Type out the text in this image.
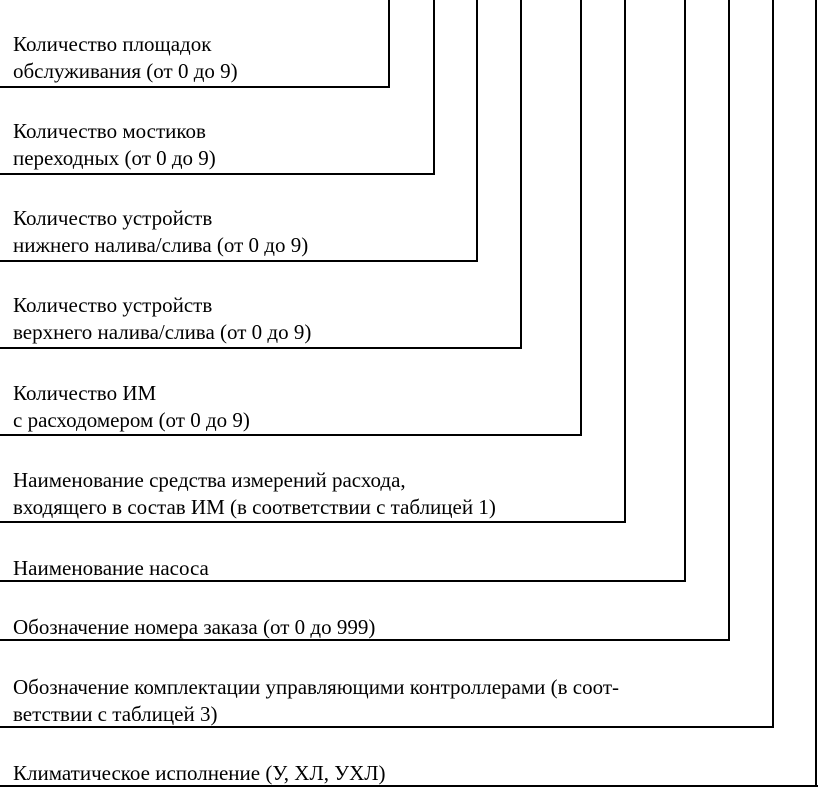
Количество площадок
обслуживания (от 0 до 9)
Количество мостиков
переходных (от 0 до 9)
Количество устройств
нижнего налива/слива (от 0 до 9)
Количество устройств
верхнего налива/слива (от 0 до 9)
Количество ИМ
с расходомером (от 0 до 9)
Наименование средства измерений расхода,
входящего в состав ИМ (в соответствии с таблицей 1)
Наименование насоса
Обозначение номера заказа (от 0 до 999)
Обозначение комплектации управляющими контроллерами (в соот-
ветствии с таблицей 3)
Климатическое исполнение (У, ХЛ, УХЛ)
